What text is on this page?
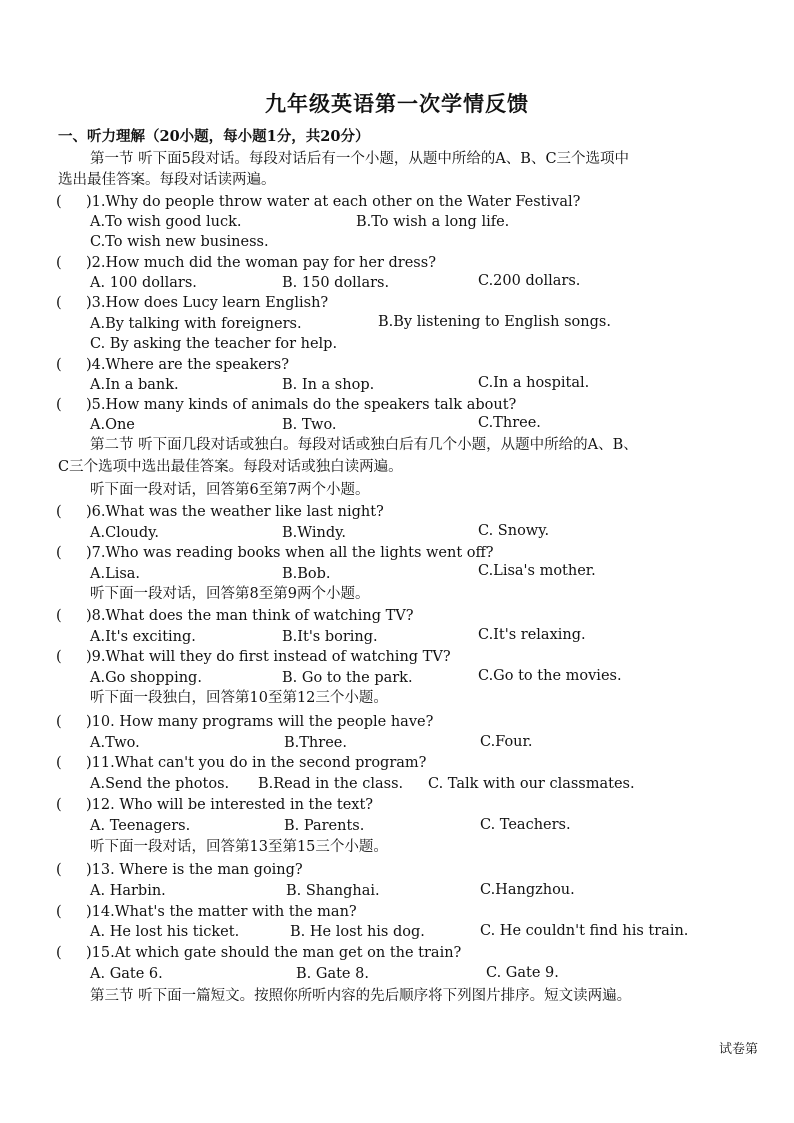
九年级英语第一次学情反馈
一、听力理解（20小题，每小题1分，共20分）
第一节 听下面5段对话。每段对话后有一个小题，从题中所给的A、B、C三个选项中
选出最佳答案。每段对话读两遍。
( )1.Why do people throw water at each other on the Water Festival?
A.To wish good luck.	B.To wish a long life.
C.To wish new business.
( )2.How much did the woman pay for her dress?
A. 100 dollars.	B. 150 dollars.	C.200 dollars.
( )3.How does Lucy learn English?
A.By talking with foreigners.	B.By listening to English songs.
C. By asking the teacher for help.
( )4.Where are the speakers?
A.In a bank.	B. In a shop.	C.In a hospital.
( )5.How many kinds of animals do the speakers talk about?
A.One	B. Two.	C.Three.
第二节 听下面几段对话或独白。每段对话或独白后有几个小题，从题中所给的A、B、
C三个选项中选出最佳答案。每段对话或独白读两遍。
听下面一段对话，回答第6至第7两个小题。
( )6.What was the weather like last night?
A.Cloudy.	B.Windy.	C. Snowy.
( )7.Who was reading books when all the lights went off?
A.Lisa.	B.Bob.	C.Lisa's mother.
听下面一段对话，回答第8至第9两个小题。
( )8.What does the man think of watching TV?
A.It's exciting.	B.It's boring.	C.It's relaxing.
( )9.What will they do first instead of watching TV?
A.Go shopping.	B. Go to the park.	C.Go to the movies.
听下面一段独白，回答第10至第12三个小题。
( )10. How many programs will the people have?
A.Two.	B.Three.	C.Four.
( )11.What can't you do in the second program?
A.Send the photos. B.Read in the class. C. Talk with our classmates.
( )12. Who will be interested in the text?
A. Teenagers.	B. Parents.	C. Teachers.
听下面一段对话，回答第13至第15三个小题。
( )13. Where is the man going?
A. Harbin.	B. Shanghai.	C.Hangzhou.
( )14.What's the matter with the man?
A. He lost his ticket.	B. He lost his dog.	C. He couldn't find his train.
( )15.At which gate should the man get on the train?
A. Gate 6.	B. Gate 8.	C. Gate 9.
第三节 听下面一篇短文。按照你所听内容的先后顺序将下列图片排序。短文读两遍。
试卷第
